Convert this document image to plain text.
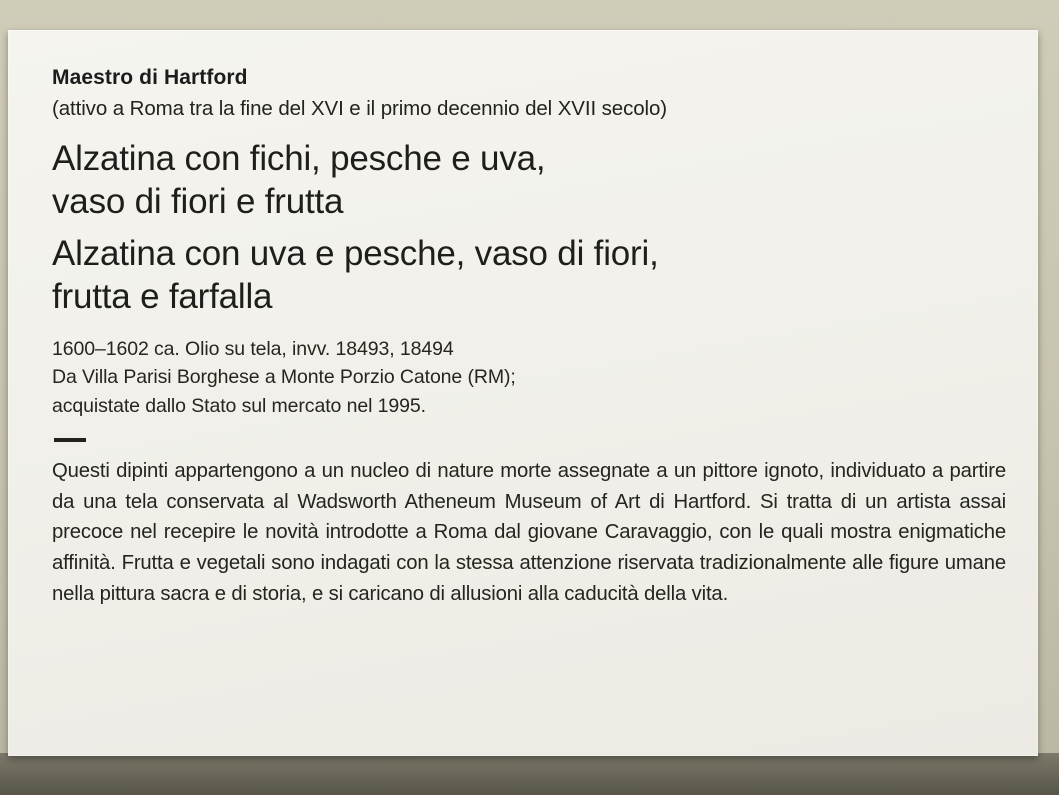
Maestro di Hartford
(attivo a Roma tra la fine del XVI e il primo decennio del XVII secolo)
Alzatina con fichi, pesche e uva,
vaso di fiori e frutta
Alzatina con uva e pesche, vaso di fiori,
frutta e farfalla
1600–1602 ca. Olio su tela, invv. 18493, 18494
Da Villa Parisi Borghese a Monte Porzio Catone (RM);
acquistate dallo Stato sul mercato nel 1995.
Questi dipinti appartengono a un nucleo di nature morte assegnate a un pittore ignoto, individuato a partire da una tela conservata al Wadsworth Atheneum Museum of Art di Hartford. Si tratta di un artista assai precoce nel recepire le novità introdotte a Roma dal giovane Caravaggio, con le quali mostra enigmatiche affinità. Frutta e vegetali sono indagati con la stessa attenzione riservata tradizionalmente alle figure umane nella pittura sacra e di storia, e si caricano di allusioni alla caducità della vita.
